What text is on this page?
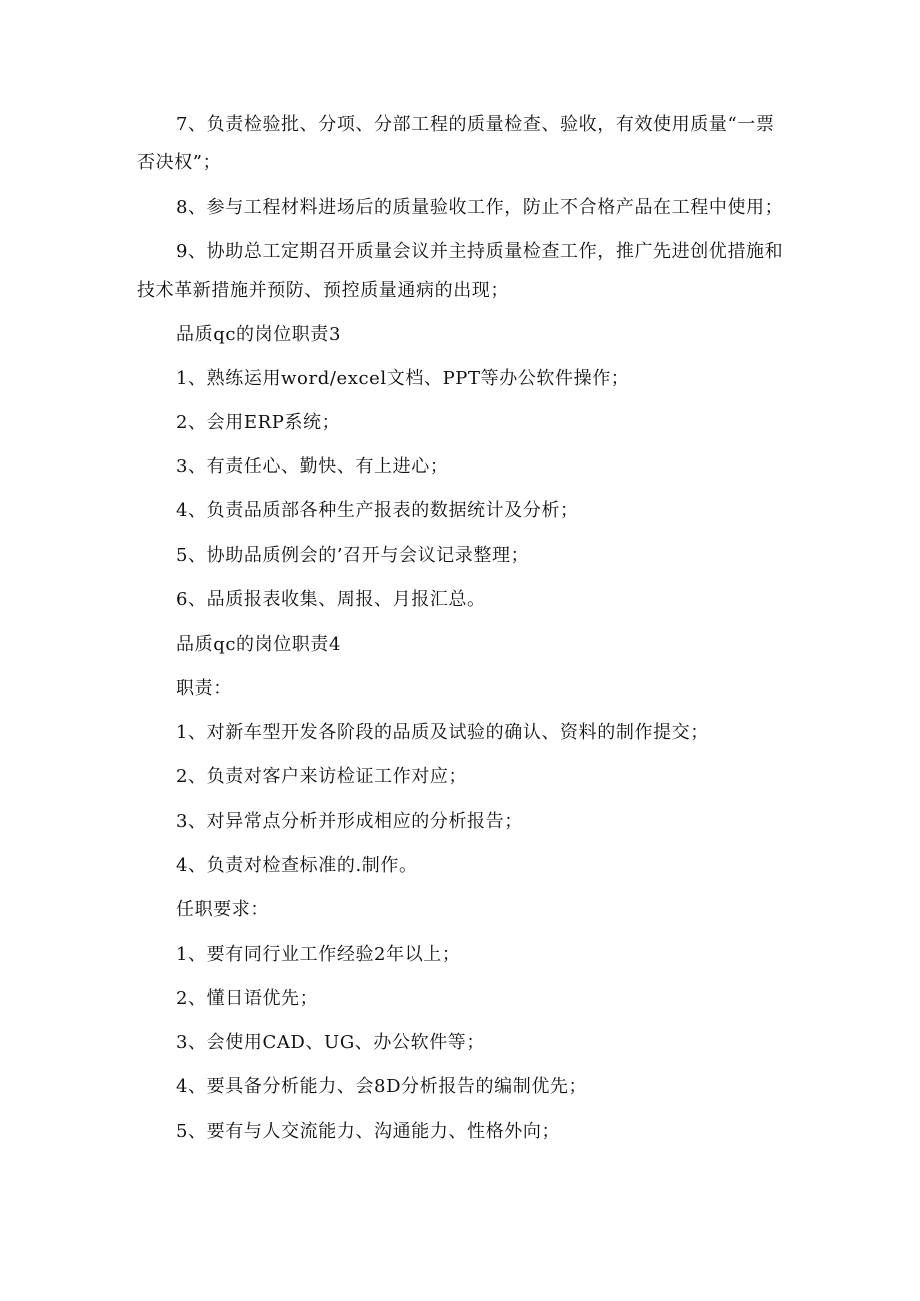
7、负责检验批、分项、分部工程的质量检查、验收，有效使用质量“一票
否决权”；
8、参与工程材料进场后的质量验收工作，防止不合格产品在工程中使用；
9、协助总工定期召开质量会议并主持质量检查工作，推广先进创优措施和
技术革新措施并预防、预控质量通病的出现；
品质qc的岗位职责3
1、熟练运用word/excel文档、PPT等办公软件操作；
2、会用ERP系统；
3、有责任心、勤快、有上进心；
4、负责品质部各种生产报表的数据统计及分析；
5、协助品质例会的’召开与会议记录整理；
6、品质报表收集、周报、月报汇总。
品质qc的岗位职责4
职责：
1、对新车型开发各阶段的品质及试验的确认、资料的制作提交；
2、负责对客户来访检证工作对应；
3、对异常点分析并形成相应的分析报告；
4、负责对检查标准的.制作。
任职要求：
1、要有同行业工作经验2年以上；
2、懂日语优先；
3、会使用CAD、UG、办公软件等；
4、要具备分析能力、会8D分析报告的编制优先；
5、要有与人交流能力、沟通能力、性格外向；
